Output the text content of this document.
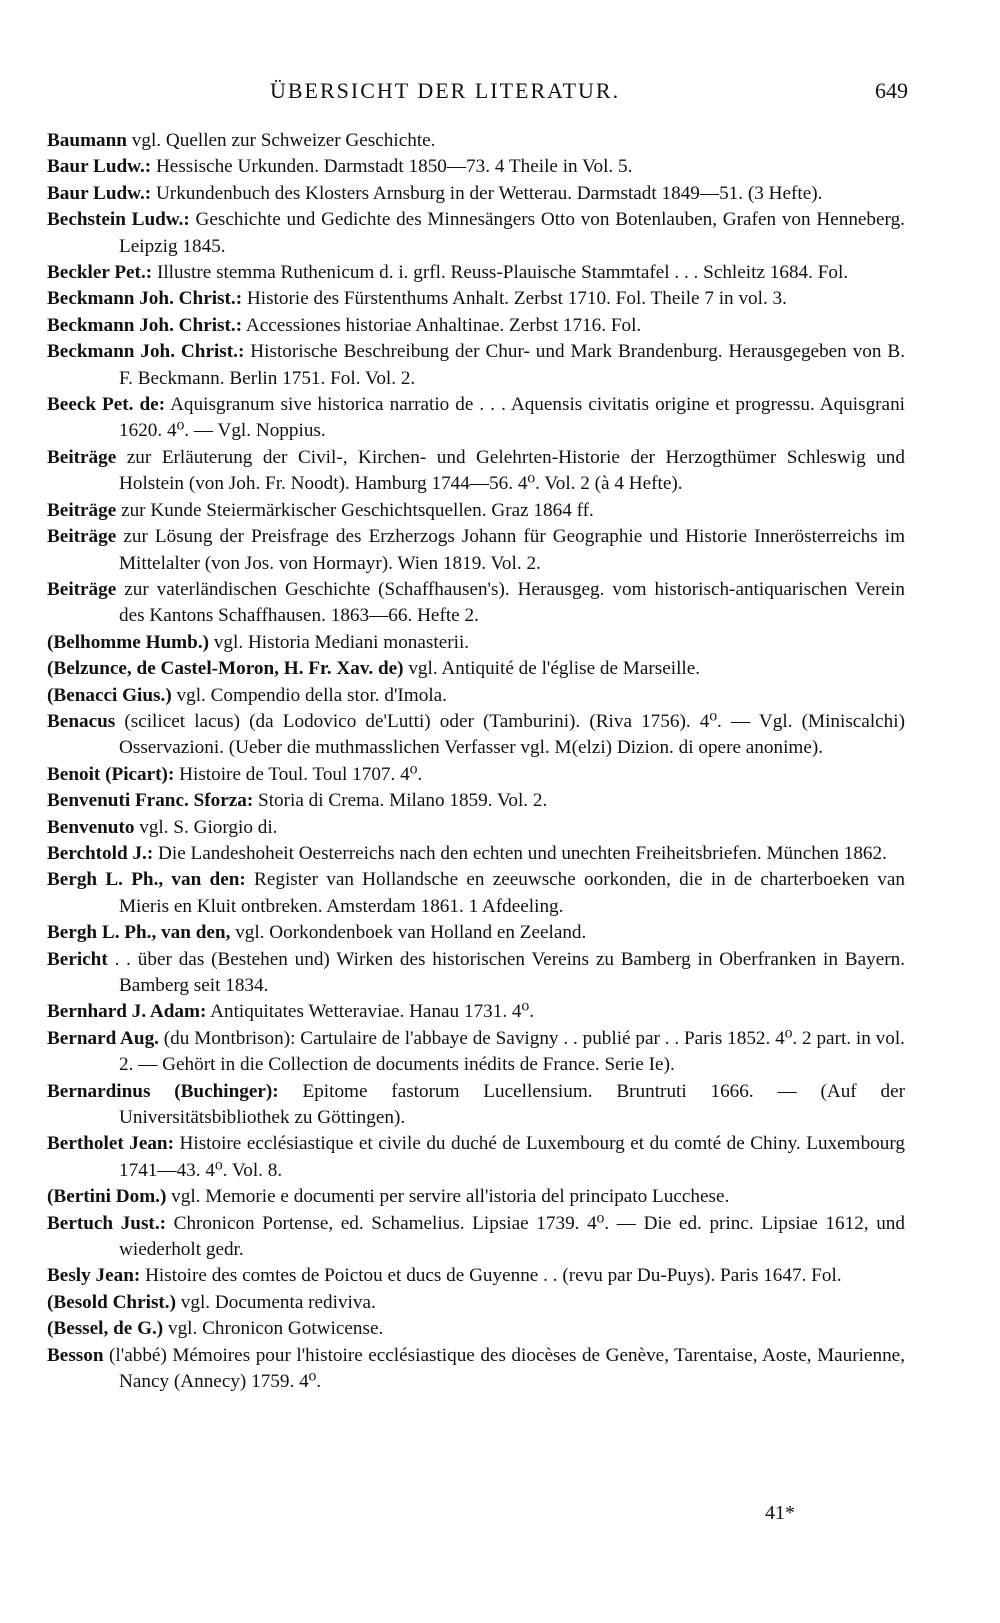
ÜBERSICHT DER LITERATUR.	649

Baumann vgl. Quellen zur Schweizer Geschichte.

Baur Ludw.: Hessische Urkunden. Darmstadt 1850—73. 4 Theile in Vol. 5.

Baur Ludw.: Urkundenbuch des Klosters Arnsburg in der Wetterau. Darmstadt 1849—51. (3 Hefte).

Bechstein Ludw.: Geschichte und Gedichte des Minnesängers Otto von Botenlauben, Grafen von Henneberg. Leipzig 1845.

Beckler Pet.: Illustre stemma Ruthenicum d. i. grfl. Reuss-Plauische Stammtafel . . . Schleitz 1684. Fol.

Beckmann Joh. Christ.: Historie des Fürstenthums Anhalt. Zerbst 1710. Fol. Theile 7 in vol. 3.

Beckmann Joh. Christ.: Accessiones historiae Anhaltinae. Zerbst 1716. Fol.

Beckmann Joh. Christ.: Historische Beschreibung der Chur- und Mark Brandenburg. Herausgegeben von B. F. Beckmann. Berlin 1751. Fol. Vol. 2.

Beeck Pet. de: Aquisgranum sive historica narratio de . . . Aquensis civitatis origine et progressu. Aquisgrani 1620. 4⁰. — Vgl. Noppius.

Beiträge zur Erläuterung der Civil-, Kirchen- und Gelehrten-Historie der Herzogthümer Schleswig und Holstein (von Joh. Fr. Noodt). Hamburg 1744—56. 4⁰. Vol. 2 (à 4 Hefte).

Beiträge zur Kunde Steiermärkischer Geschichtsquellen. Graz 1864 ff.

Beiträge zur Lösung der Preisfrage des Erzherzogs Johann für Geographie und Historie Innerösterreichs im Mittelalter (von Jos. von Hormayr). Wien 1819. Vol. 2.

Beiträge zur vaterländischen Geschichte (Schaffhausen's). Herausgeg. vom historisch-antiquarischen Verein des Kantons Schaffhausen. 1863—66. Hefte 2.

(Belhomme Humb.) vgl. Historia Mediani monasterii.

(Belzunce, de Castel-Moron, H. Fr. Xav. de) vgl. Antiquité de l'église de Marseille.

(Benacci Gius.) vgl. Compendio della stor. d'Imola.

Benacus (scilicet lacus) (da Lodovico de'Lutti) oder (Tamburini). (Riva 1756). 4⁰. — Vgl. (Miniscalchi) Osservazioni. (Ueber die muthmasslichen Verfasser vgl. M(elzi) Dizion. di opere anonime).

Benoit (Picart): Histoire de Toul. Toul 1707. 4⁰.

Benvenuti Franc. Sforza: Storia di Crema. Milano 1859. Vol. 2.

Benvenuto vgl. S. Giorgio di.

Berchtold J.: Die Landeshoheit Oesterreichs nach den echten und unechten Freiheitsbriefen. München 1862.

Bergh L. Ph., van den: Register van Hollandsche en zeeuwsche oorkonden, die in de charterboeken van Mieris en Kluit ontbreken. Amsterdam 1861. 1 Afdeeling.

Bergh L. Ph., van den, vgl. Oorkondenboek van Holland en Zeeland.

Bericht . . über das (Bestehen und) Wirken des historischen Vereins zu Bamberg in Oberfranken in Bayern. Bamberg seit 1834.

Bernhard J. Adam: Antiquitates Wetteraviae. Hanau 1731. 4⁰.

Bernard Aug. (du Montbrison): Cartulaire de l'abbaye de Savigny . . publié par . . Paris 1852. 4⁰. 2 part. in vol. 2. — Gehört in die Collection de documents inédits de France. Serie Ie).

Bernardinus (Buchinger): Epitome fastorum Lucellensium. Bruntruti 1666. — (Auf der Universitätsbibliothek zu Göttingen).

Bertholet Jean: Histoire ecclésiastique et civile du duché de Luxembourg et du comté de Chiny. Luxembourg 1741—43. 4⁰. Vol. 8.

(Bertini Dom.) vgl. Memorie e documenti per servire all'istoria del principato Lucchese.

Bertuch Just.: Chronicon Portense, ed. Schamelius. Lipsiae 1739. 4⁰. — Die ed. princ. Lipsiae 1612, und wiederholt gedr.

Besly Jean: Histoire des comtes de Poictou et ducs de Guyenne . . (revu par Du-Puys). Paris 1647. Fol.

(Besold Christ.) vgl. Documenta rediviva.

(Bessel, de G.) vgl. Chronicon Gotwicense.

Besson (l'abbé) Mémoires pour l'histoire ecclésiastique des diocèses de Genève, Tarentaise, Aoste, Maurienne, Nancy (Annecy) 1759. 4⁰.

41*
